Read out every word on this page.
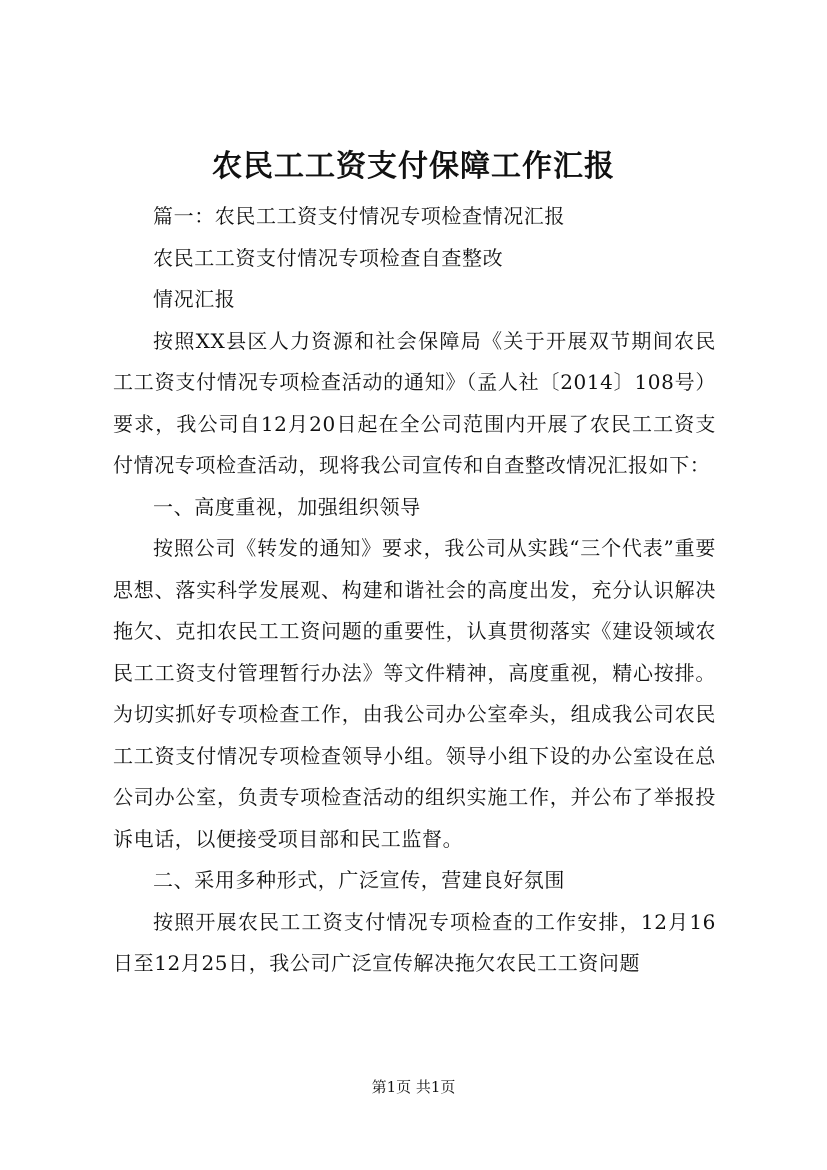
农民工工资支付保障工作汇报

篇一：农民工工资支付情况专项检查情况汇报

农民工工资支付情况专项检查自查整改

情况汇报

按照XX县区人力资源和社会保障局《关于开展双节期间农民工工资支付情况专项检查活动的通知》（孟人社〔2014〕108号）要求，我公司自12月20日起在全公司范围内开展了农民工工资支付情况专项检查活动，现将我公司宣传和自查整改情况汇报如下：

一、高度重视，加强组织领导

按照公司《转发的通知》要求，我公司从实践“三个代表”重要思想、落实科学发展观、构建和谐社会的高度出发，充分认识解决拖欠、克扣农民工工资问题的重要性，认真贯彻落实《建设领域农民工工资支付管理暂行办法》等文件精神，高度重视，精心按排。为切实抓好专项检查工作，由我公司办公室牵头，组成我公司农民工工资支付情况专项检查领导小组。领导小组下设的办公室设在总公司办公室，负责专项检查活动的组织实施工作，并公布了举报投诉电话，以便接受项目部和民工监督。

二、采用多种形式，广泛宣传，营建良好氛围

按照开展农民工工资支付情况专项检查的工作安排，12月16日至12月25日，我公司广泛宣传解决拖欠农民工工资问题

第1页 共1页
